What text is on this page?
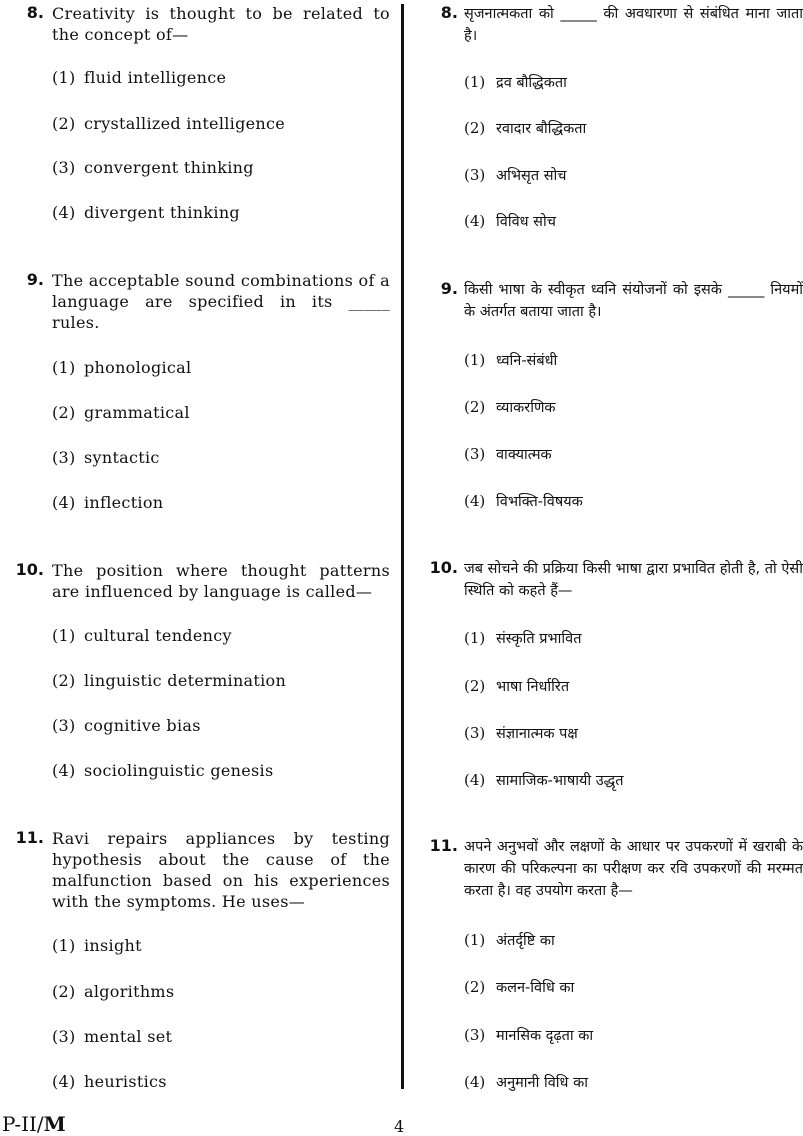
8. Creativity is thought to be related to the concept of—
(1) fluid intelligence
(2) crystallized intelligence
(3) convergent thinking
(4) divergent thinking
9. The acceptable sound combinations of a language are specified in its _____ rules.
(1) phonological
(2) grammatical
(3) syntactic
(4) inflection
10. The position where thought patterns are influenced by language is called—
(1) cultural tendency
(2) linguistic determination
(3) cognitive bias
(4) sociolinguistic genesis
11. Ravi repairs appliances by testing hypothesis about the cause of the malfunction based on his experiences with the symptoms. He uses—
(1) insight
(2) algorithms
(3) mental set
(4) heuristics
8. सृजनात्मकता को _____ की अवधारणा से संबंधित माना जाता है।
(1) द्रव बौद्धिकता
(2) रवादार बौद्धिकता
(3) अभिसृत सोच
(4) विविध सोच
9. किसी भाषा के स्वीकृत ध्वनि संयोजनों को इसके _____ नियमों के अंतर्गत बताया जाता है।
(1) ध्वनि-संबंधी
(2) व्याकरणिक
(3) वाक्यात्मक
(4) विभक्ति-विषयक
10. जब सोचने की प्रक्रिया किसी भाषा द्वारा प्रभावित होती है, तो ऐसी स्थिति को कहते हैं—
(1) संस्कृति प्रभावित
(2) भाषा निर्धारित
(3) संज्ञानात्मक पक्ष
(4) सामाजिक-भाषायी उद्धृत
11. अपने अनुभवों और लक्षणों के आधार पर उपकरणों में खराबी के कारण की परिकल्पना का परीक्षण कर रवि उपकरणों की मरम्मत करता है। वह उपयोग करता है—
(1) अंतर्दृष्टि का
(2) कलन-विधि का
(3) मानसिक दृढ़ता का
(4) अनुमानी विधि का
P-II/M	4
